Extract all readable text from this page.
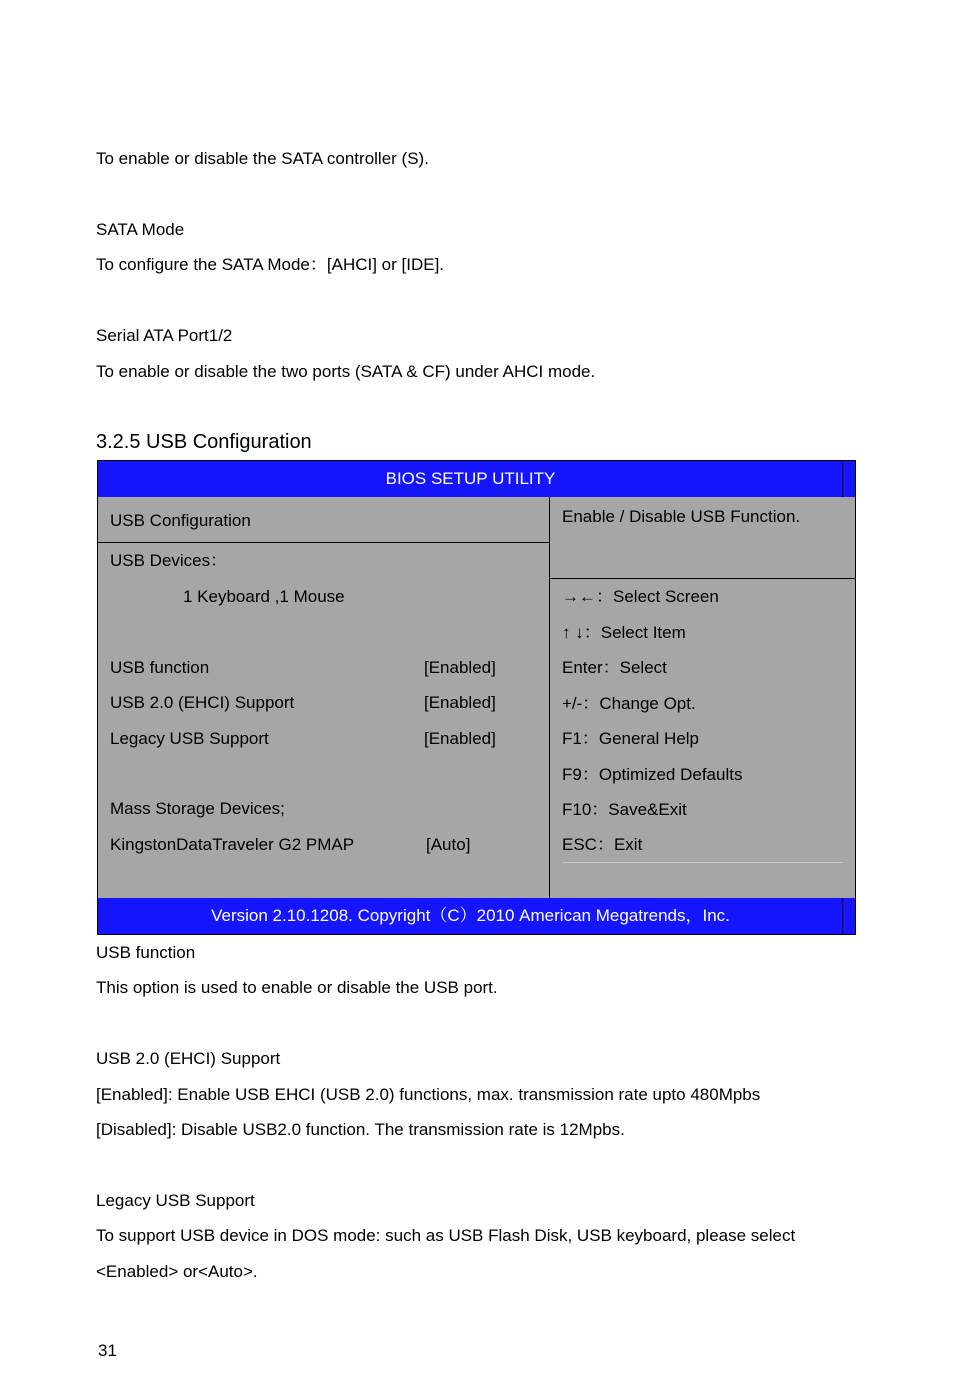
To enable or disable the SATA controller (S).
SATA Mode
To configure the SATA Mode：[AHCI] or [IDE].
Serial ATA Port1/2
To enable or disable the two ports (SATA & CF) under AHCI mode.
3.2.5 USB Configuration
BIOS SETUP UTILITY
USB Configuration
USB Devices：
1 Keyboard ,1 Mouse
USB function	[Enabled]
USB 2.0 (EHCI) Support	[Enabled]
Legacy USB Support	[Enabled]
Mass Storage Devices;
KingstonDataTraveler G2 PMAP	[Auto]
Enable / Disable USB Function.
→←：Select Screen
↑ ↓：Select Item
Enter：Select
+/-：Change Opt.
F1：General Help
F9：Optimized Defaults
F10：Save&Exit
ESC：Exit
Version 2.10.1208. Copyright（C）2010 American Megatrends，Inc.
USB function
This option is used to enable or disable the USB port.
USB 2.0 (EHCI) Support
[Enabled]: Enable USB EHCI (USB 2.0) functions, max. transmission rate upto 480Mpbs
[Disabled]: Disable USB2.0 function. The transmission rate is 12Mpbs.
Legacy USB Support
To support USB device in DOS mode: such as USB Flash Disk, USB keyboard, please select
<Enabled> or<Auto>.
31
